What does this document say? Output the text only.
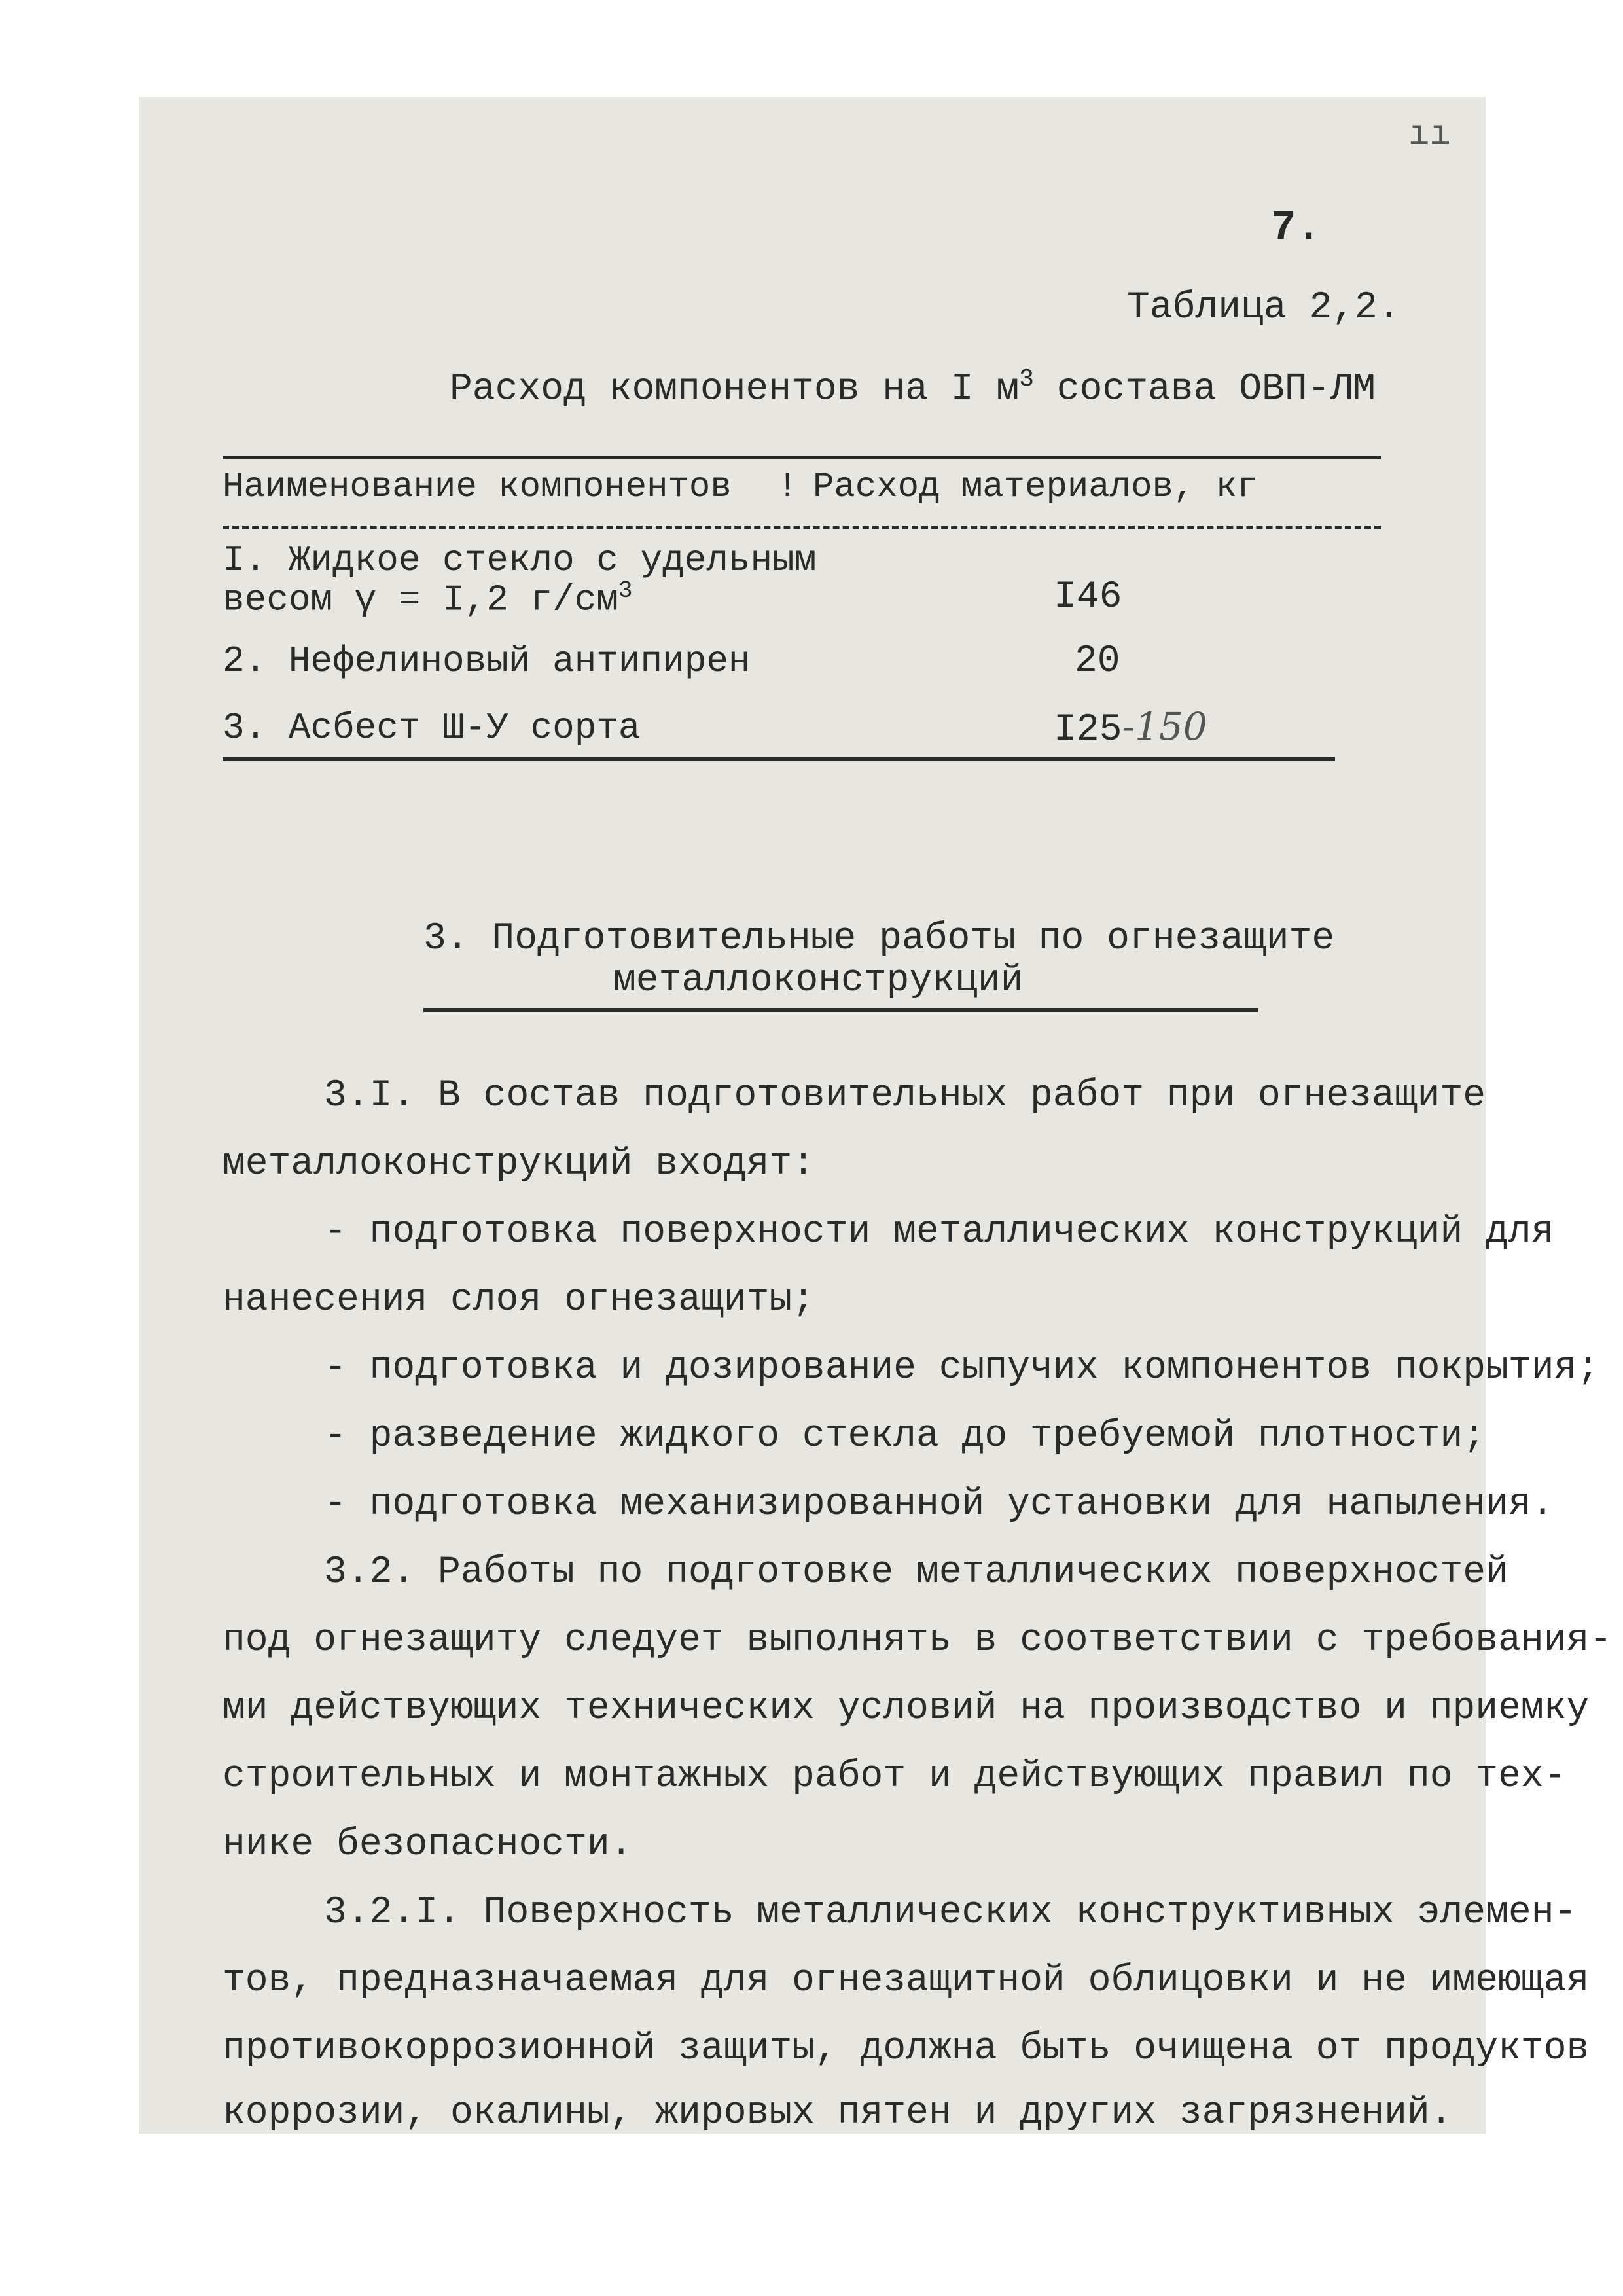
ıı
7.
Таблица 2,2.
Расход компонентов на I $м^3$ состава ОВП-ЛМ
Наименование компонентов ! Расход материалов, кг
I. Жидкое стекло с удельным
весом γ = I,2 $г/см^3$	I46
2. Нефелиновый антипирен	20
3. Асбест Ш-У сорта	I25-150
3. Подготовительные работы по огнезащите
металлоконструкций
3.I. В состав подготовительных работ при огнезащите
металлоконструкций входят:
- подготовка поверхности металлических конструкций для
нанесения слоя огнезащиты;
- подготовка и дозирование сыпучих компонентов покрытия;
- разведение жидкого стекла до требуемой плотности;
- подготовка механизированной установки для напыления.
3.2. Работы по подготовке металлических поверхностей
под огнезащиту следует выполнять в соответствии с требования-
ми действующих технических условий на производство и приемку
строительных и монтажных работ и действующих правил по тех-
нике безопасности.
3.2.I. Поверхность металлических конструктивных элемен-
тов, предназначаемая для огнезащитной облицовки и не имеющая
противокоррозионной защиты, должна быть очищена от продуктов
коррозии, окалины, жировых пятен и других загрязнений.
